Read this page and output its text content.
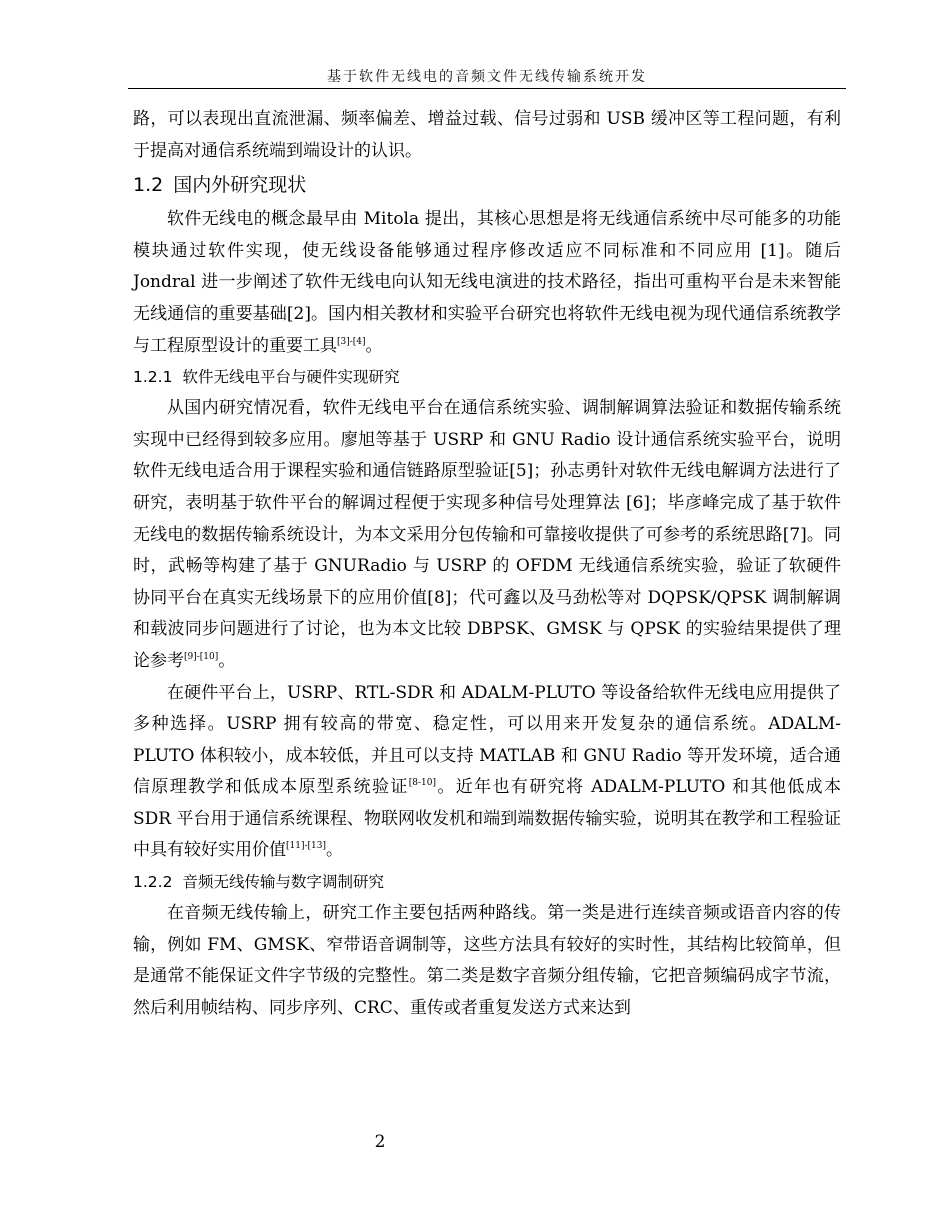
基于软件无线电的音频文件无线传输系统开发

路，可以表现出直流泄漏、频率偏差、增益过载、信号过弱和 USB 缓冲区等工程问题，有利于提高对通信系统端到端设计的认识。

1.2 国内外研究现状

软件无线电的概念最早由 Mitola 提出，其核心思想是将无线通信系统中尽可能多的功能模块通过软件实现，使无线设备能够通过程序修改适应不同标准和不同应用 [1]。随后 Jondral 进一步阐述了软件无线电向认知无线电演进的技术路径，指出可重构平台是未来智能无线通信的重要基础[2]。国内相关教材和实验平台研究也将软件无线电视为现代通信系统教学与工程原型设计的重要工具[3]-[4]。

1.2.1 软件无线电平台与硬件实现研究

从国内研究情况看，软件无线电平台在通信系统实验、调制解调算法验证和数据传输系统实现中已经得到较多应用。廖旭等基于 USRP 和 GNU Radio 设计通信系统实验平台，说明软件无线电适合用于课程实验和通信链路原型验证[5]；孙志勇针对软件无线电解调方法进行了研究，表明基于软件平台的解调过程便于实现多种信号处理算法 [6]；毕彦峰完成了基于软件无线电的数据传输系统设计，为本文采用分包传输和可靠接收提供了可参考的系统思路[7]。同时，武畅等构建了基于 GNURadio 与 USRP 的 OFDM 无线通信系统实验，验证了软硬件协同平台在真实无线场景下的应用价值[8]；代可鑫以及马劲松等对 DQPSK/QPSK 调制解调和载波同步问题进行了讨论，也为本文比较 DBPSK、GMSK 与 QPSK 的实验结果提供了理论参考[9]-[10]。

在硬件平台上，USRP、RTL-SDR 和 ADALM-PLUTO 等设备给软件无线电应用提供了多种选择。USRP 拥有较高的带宽、稳定性，可以用来开发复杂的通信系统。ADALM-PLUTO 体积较小，成本较低，并且可以支持 MATLAB 和 GNU Radio 等开发环境，适合通信原理教学和低成本原型系统验证[8-10]。近年也有研究将 ADALM-PLUTO 和其他低成本 SDR 平台用于通信系统课程、物联网收发机和端到端数据传输实验，说明其在教学和工程验证中具有较好实用价值[11]-[13]。

1.2.2 音频无线传输与数字调制研究

在音频无线传输上，研究工作主要包括两种路线。第一类是进行连续音频或语音内容的传输，例如 FM、GMSK、窄带语音调制等，这些方法具有较好的实时性，其结构比较简单，但是通常不能保证文件字节级的完整性。第二类是数字音频分组传输，它把音频编码成字节流，然后利用帧结构、同步序列、CRC、重传或者重复发送方式来达到

2
